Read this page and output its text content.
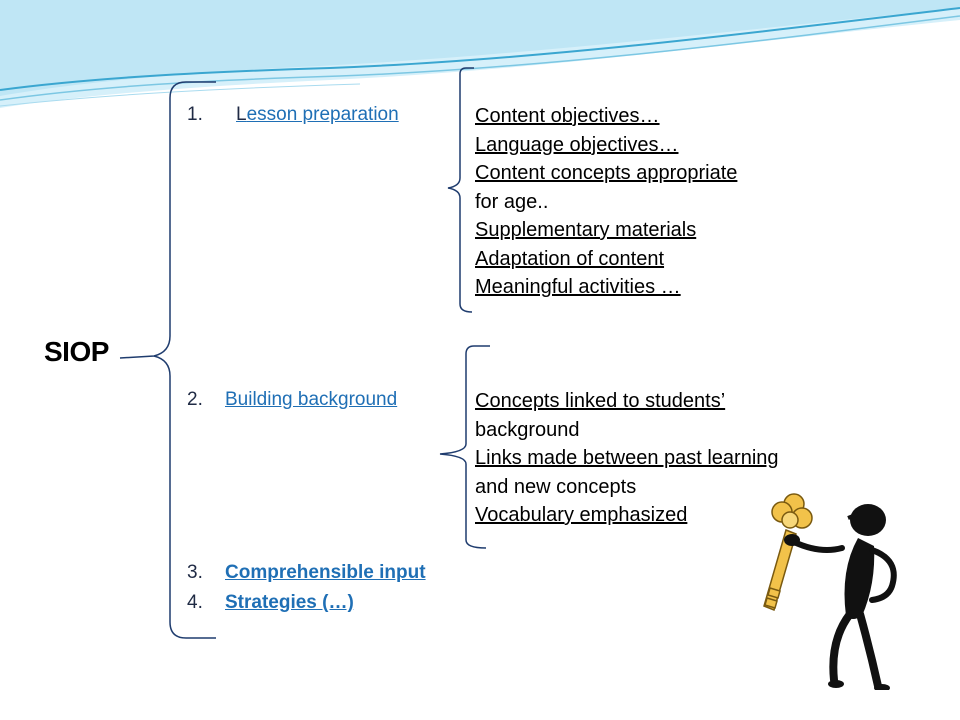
SIOP
1. Lesson preparation	Content objectives…
Language objectives…
Content concepts appropriate
for age..
Supplementary materials
Adaptation of content
Meaningful activities …
2. Building background	Concepts linked to students’
background
Links made between past learning
and new concepts
Vocabulary emphasized
3. Comprehensible input
4. Strategies (…)
